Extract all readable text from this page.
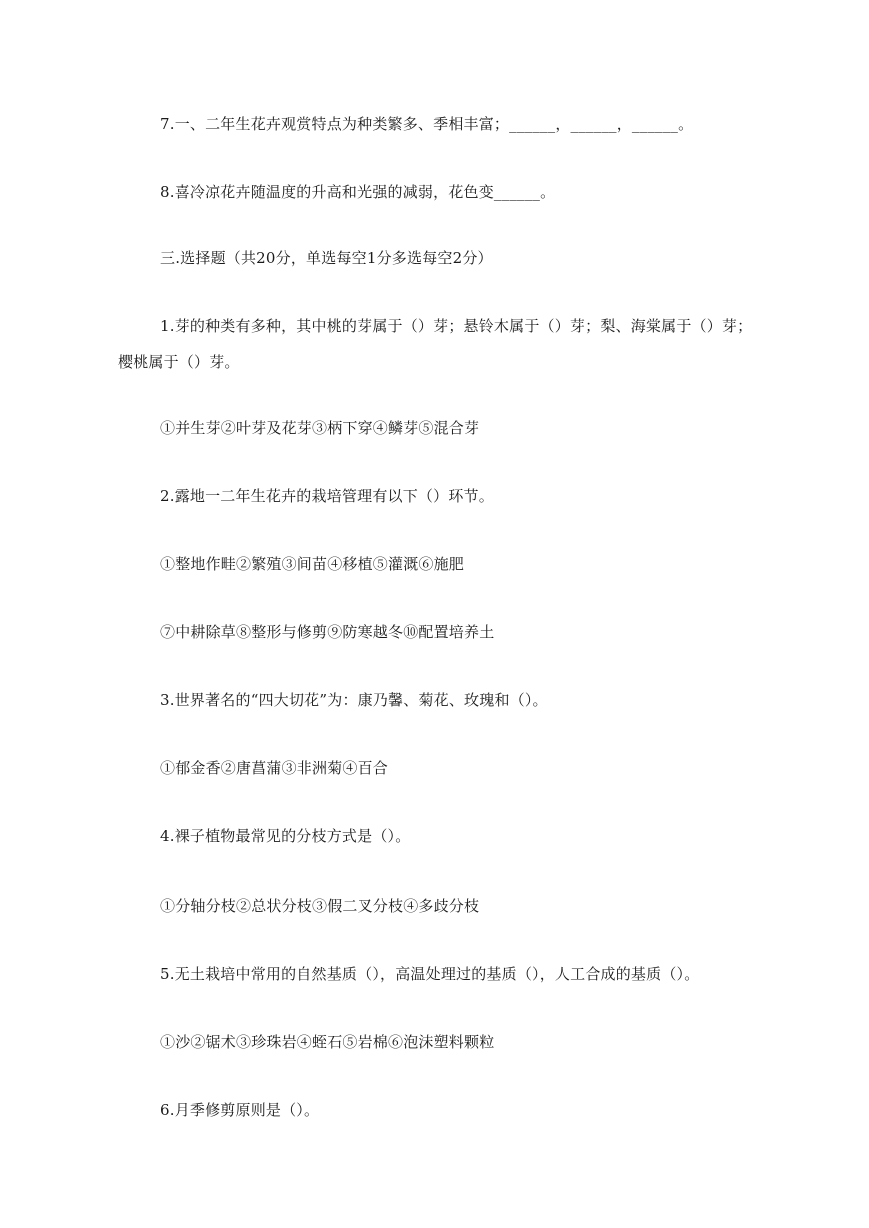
7.一、二年生花卉观赏特点为种类繁多、季相丰富；______，______，______。
8.喜冷凉花卉随温度的升高和光强的减弱，花色变______。
三.选择题（共20分，单选每空1分多选每空2分）
1.芽的种类有多种，其中桃的芽属于（）芽；悬铃木属于（）芽；梨、海棠属于（）芽；
樱桃属于（）芽。
①并生芽②叶芽及花芽③柄下穿④鳞芽⑤混合芽
2.露地一二年生花卉的栽培管理有以下（）环节。
①整地作畦②繁殖③间苗④移植⑤灌溉⑥施肥
⑦中耕除草⑧整形与修剪⑨防寒越冬⑩配置培养土
3.世界著名的“四大切花”为：康乃馨、菊花、玫瑰和（）。
①郁金香②唐菖蒲③非洲菊④百合
4.裸子植物最常见的分枝方式是（）。
①分轴分枝②总状分枝③假二叉分枝④多歧分枝
5.无土栽培中常用的自然基质（），高温处理过的基质（），人工合成的基质（）。
①沙②锯术③珍珠岩④蛭石⑤岩棉⑥泡沫塑料颗粒
6.月季修剪原则是（）。
